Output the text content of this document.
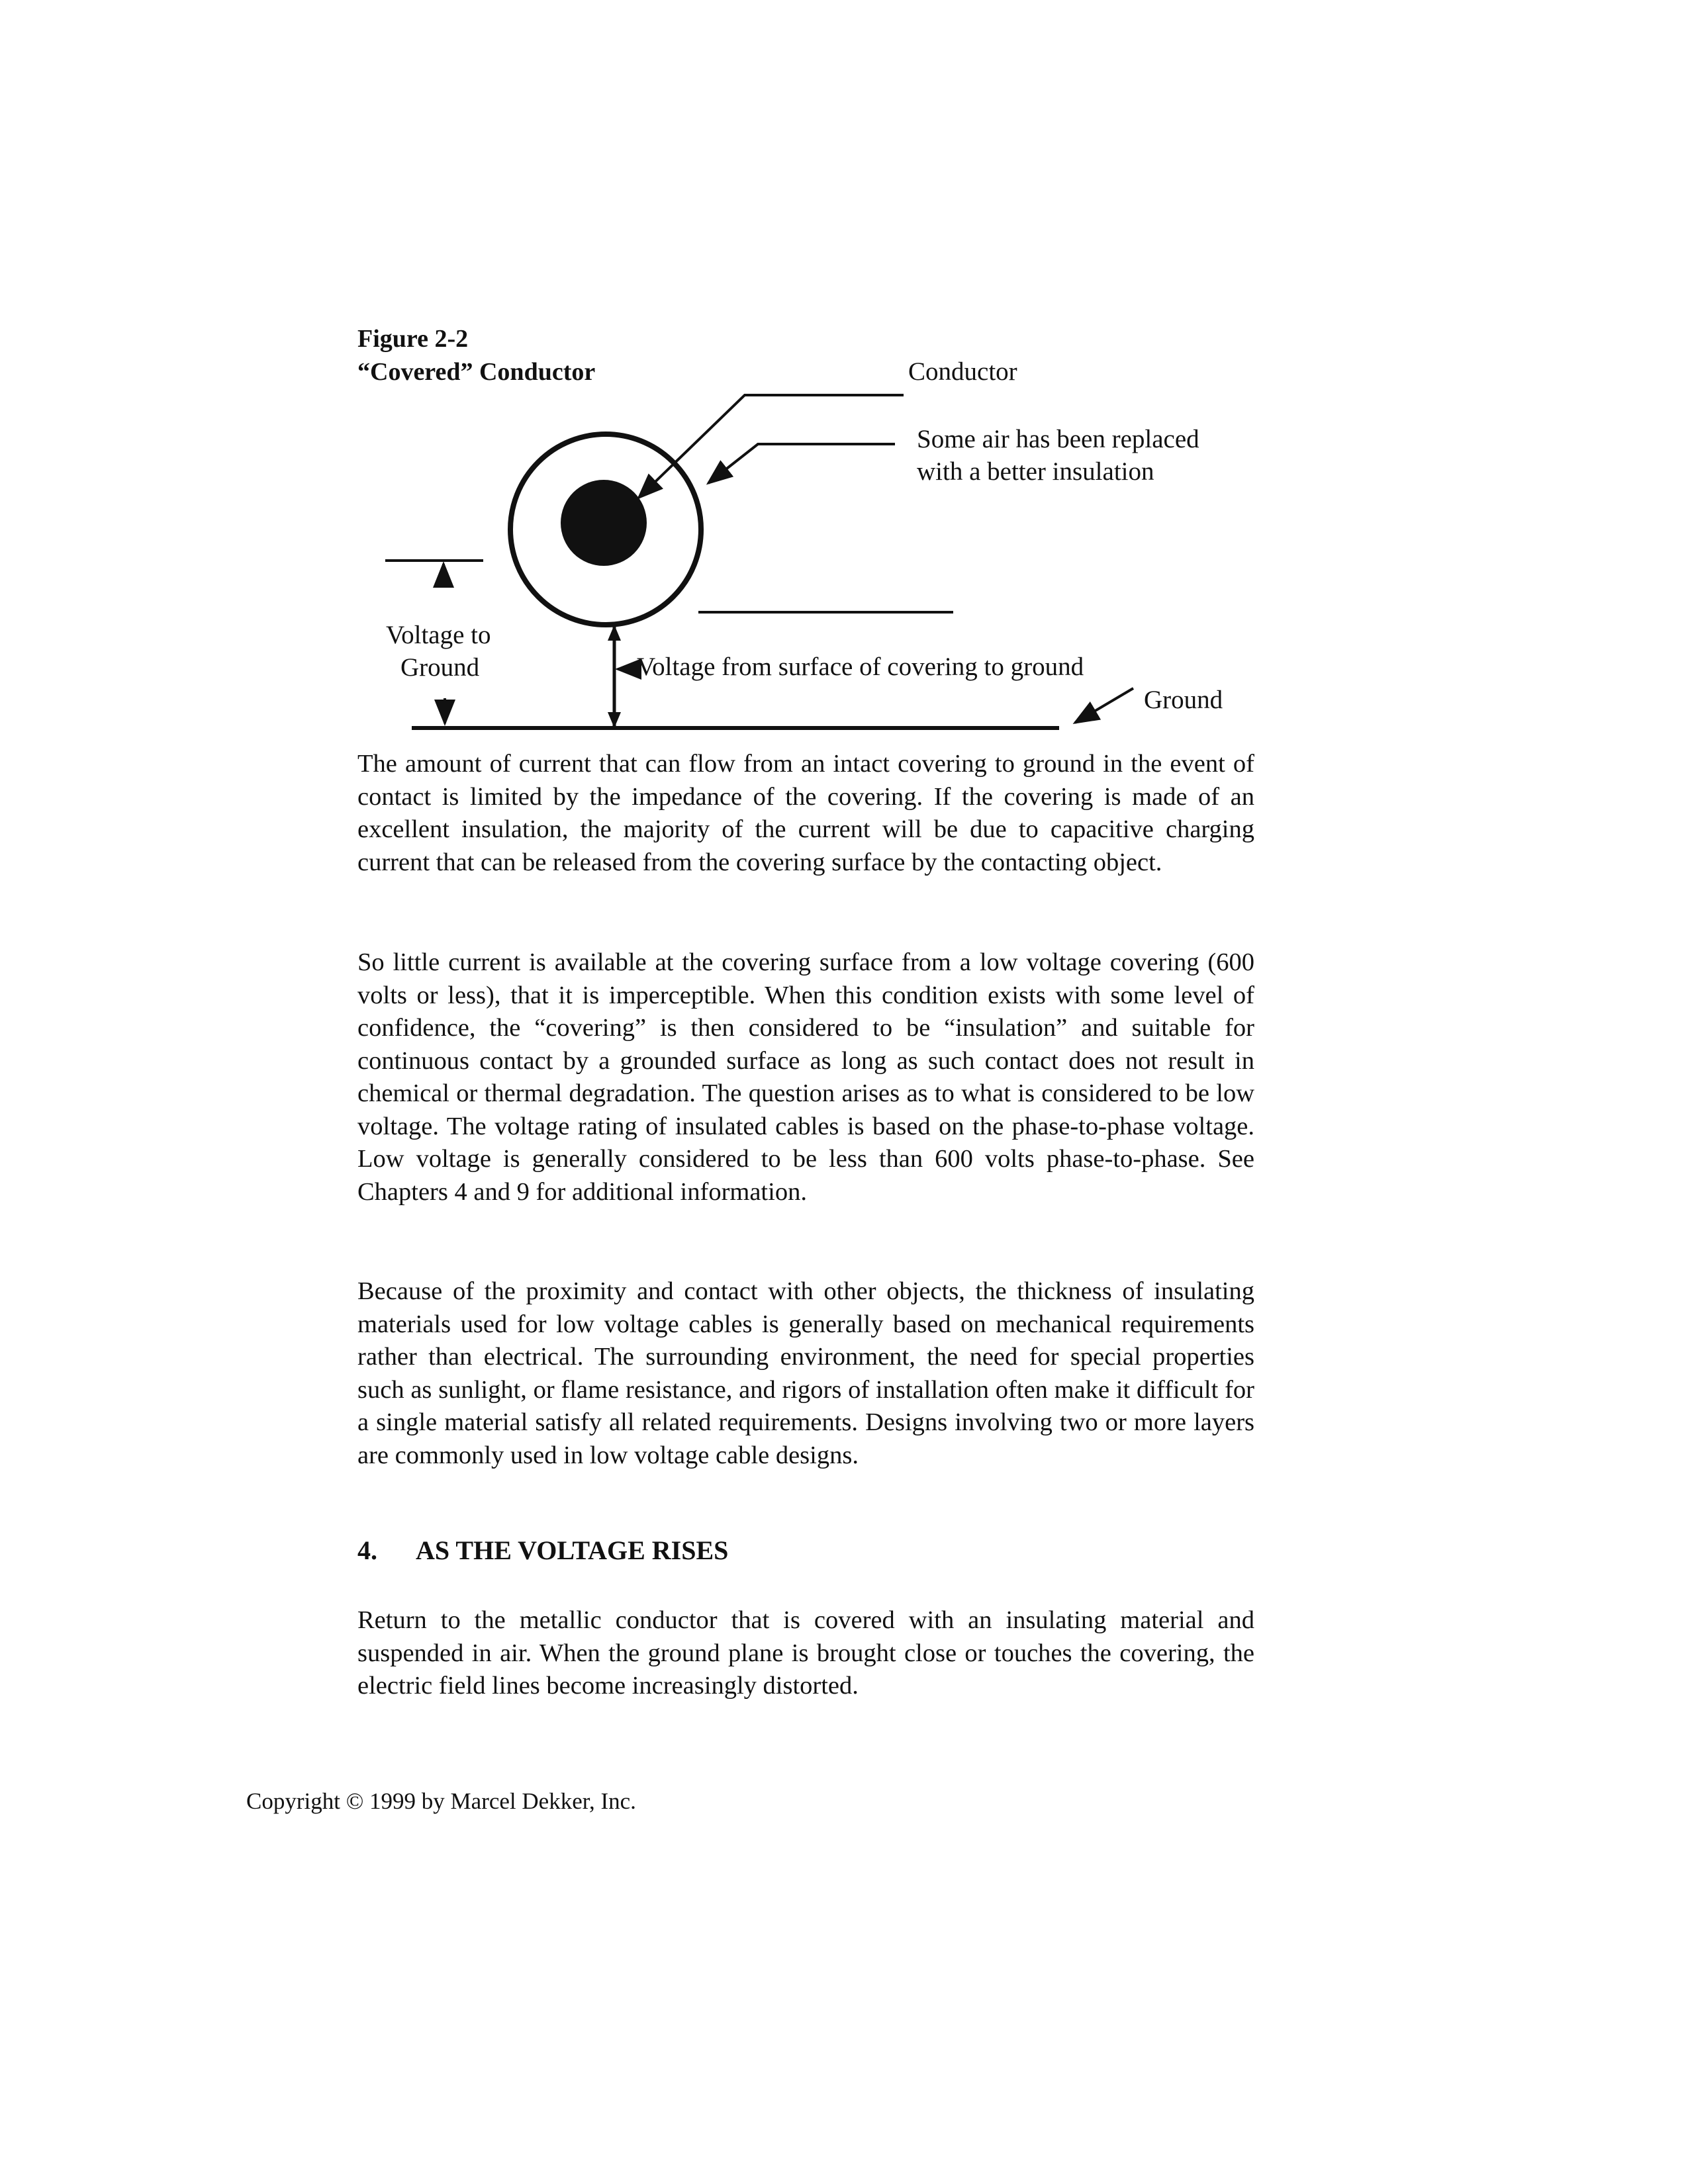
Figure 2-2
“Covered” Conductor	Conductor
Some air has been replaced
with a better insulation
Voltage to
Ground	Voltage from surface of covering to ground
Ground

The amount of current that can flow from an intact covering to ground in the event of contact is limited by the impedance of the covering. If the covering is made of an excellent insulation, the majority of the current will be due to capacitive charging current that can be released from the covering surface by the contacting object.

So little current is available at the covering surface from a low voltage covering (600 volts or less), that it is imperceptible. When this condition exists with some level of confidence, the “covering” is then considered to be “insulation” and suitable for continuous contact by a grounded surface as long as such contact does not result in chemical or thermal degradation. The question arises as to what is considered to be low voltage. The voltage rating of insulated cables is based on the phase-to-phase voltage. Low voltage is generally considered to be less than 600 volts phase-to-phase. See Chapters 4 and 9 for additional information.

Because of the proximity and contact with other objects, the thickness of insulating materials used for low voltage cables is generally based on mechanical requirements rather than electrical. The surrounding environment, the need for special properties such as sunlight, or flame resistance, and rigors of installation often make it difficult for a single material satisfy all related requirements. Designs involving two or more layers are commonly used in low voltage cable designs.

4. AS THE VOLTAGE RISES

Return to the metallic conductor that is covered with an insulating material and suspended in air. When the ground plane is brought close or touches the covering, the electric field lines become increasingly distorted.

Copyright © 1999 by Marcel Dekker, Inc.
